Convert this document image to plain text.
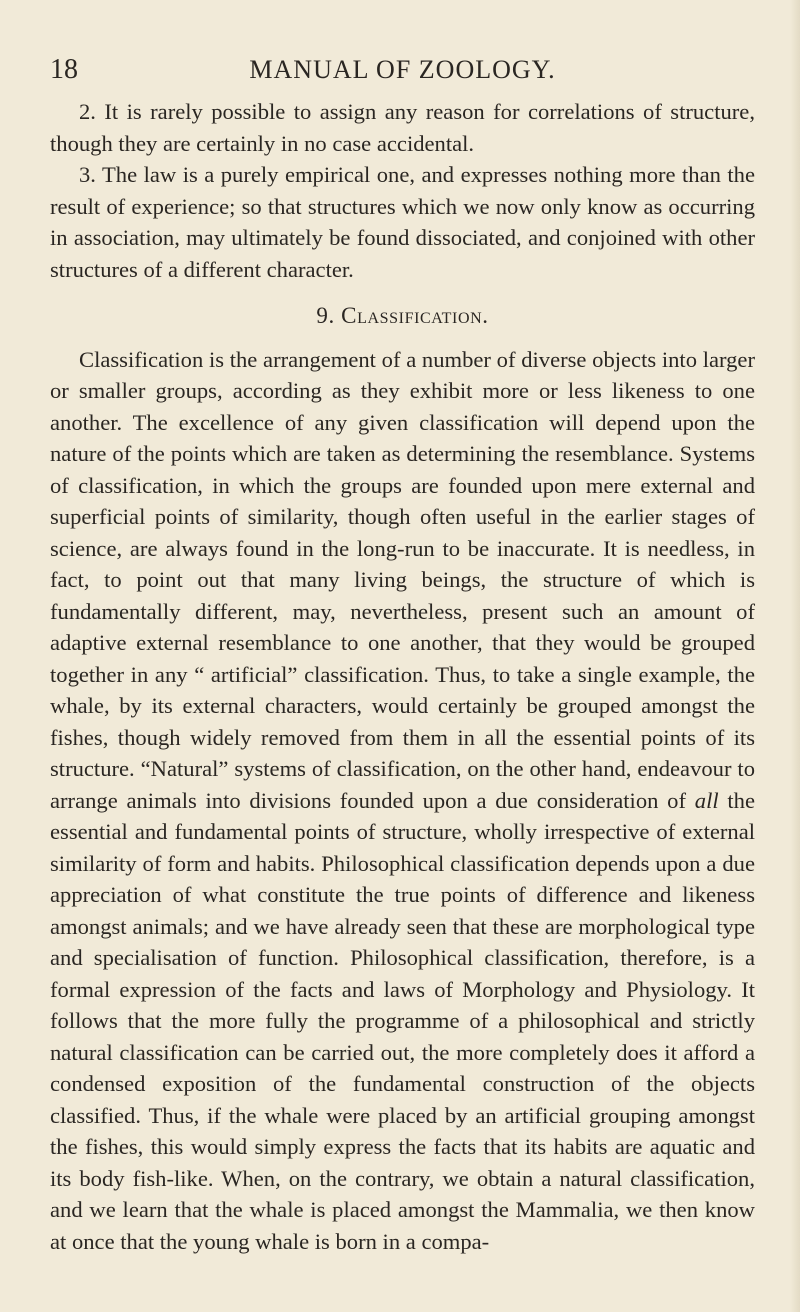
18	MANUAL OF ZOOLOGY.

2. It is rarely possible to assign any reason for correlations of structure, though they are certainly in no case accidental.

3. The law is a purely empirical one, and expresses nothing more than the result of experience; so that structures which we now only know as occurring in association, may ultimately be found dissociated, and conjoined with other structures of a different character.

9. Classification.

Classification is the arrangement of a number of diverse objects into larger or smaller groups, according as they exhibit more or less likeness to one another. The excellence of any given classification will depend upon the nature of the points which are taken as determining the resemblance. Systems of classification, in which the groups are founded upon mere external and superficial points of similarity, though often useful in the earlier stages of science, are always found in the long-run to be inaccurate. It is needless, in fact, to point out that many living beings, the structure of which is fundamentally different, may, nevertheless, present such an amount of adaptive external resemblance to one another, that they would be grouped together in any “ artificial” classification. Thus, to take a single example, the whale, by its external characters, would certainly be grouped amongst the fishes, though widely removed from them in all the essential points of its structure. “Natural” systems of classification, on the other hand, endeavour to arrange animals into divisions founded upon a due consideration of all the essential and fundamental points of structure, wholly irrespective of external similarity of form and habits. Philosophical classification depends upon a due appreciation of what constitute the true points of difference and likeness amongst animals; and we have already seen that these are morphological type and specialisation of function. Philosophical classification, therefore, is a formal expression of the facts and laws of Morphology and Physiology. It follows that the more fully the programme of a philosophical and strictly natural classification can be carried out, the more completely does it afford a condensed exposition of the fundamental construction of the objects classified. Thus, if the whale were placed by an artificial grouping amongst the fishes, this would simply express the facts that its habits are aquatic and its body fish-like. When, on the contrary, we obtain a natural classification, and we learn that the whale is placed amongst the Mammalia, we then know at once that the young whale is born in a compa-
